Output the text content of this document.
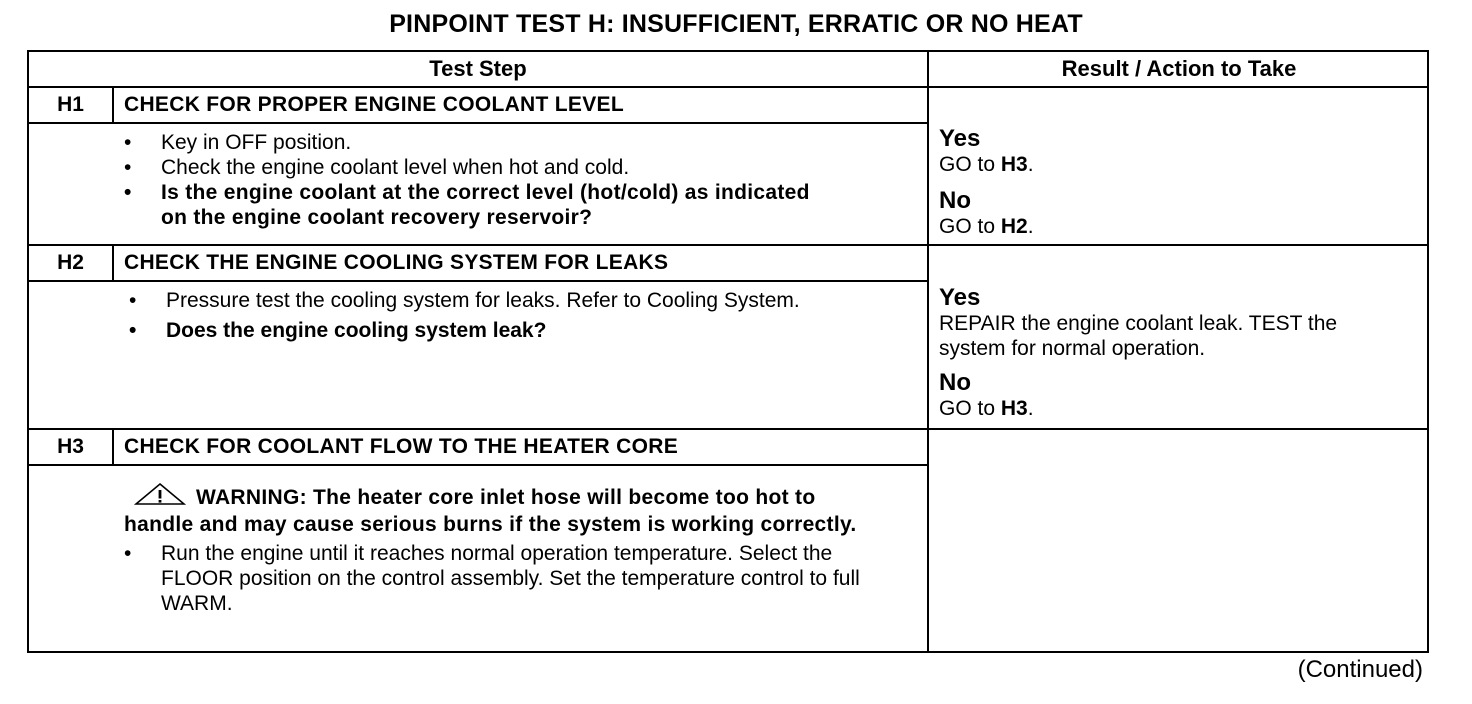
PINPOINT TEST H: INSUFFICIENT, ERRATIC OR NO HEAT
Test Step	Result / Action to Take
H1	CHECK FOR PROPER ENGINE COOLANT LEVEL
• Key in OFF position.
• Check the engine coolant level when hot and cold.
• Is the engine coolant at the correct level (hot/cold) as indicated on the engine coolant recovery reservoir?
Yes
GO to H3.
No
GO to H2.
H2	CHECK THE ENGINE COOLING SYSTEM FOR LEAKS
• Pressure test the cooling system for leaks. Refer to Cooling System.
• Does the engine cooling system leak?
Yes
REPAIR the engine coolant leak. TEST the system for normal operation.
No
GO to H3.
H3	CHECK FOR COOLANT FLOW TO THE HEATER CORE
WARNING: The heater core inlet hose will become too hot to handle and may cause serious burns if the system is working correctly.
• Run the engine until it reaches normal operation temperature. Select the FLOOR position on the control assembly. Set the temperature control to full WARM.
(Continued)
